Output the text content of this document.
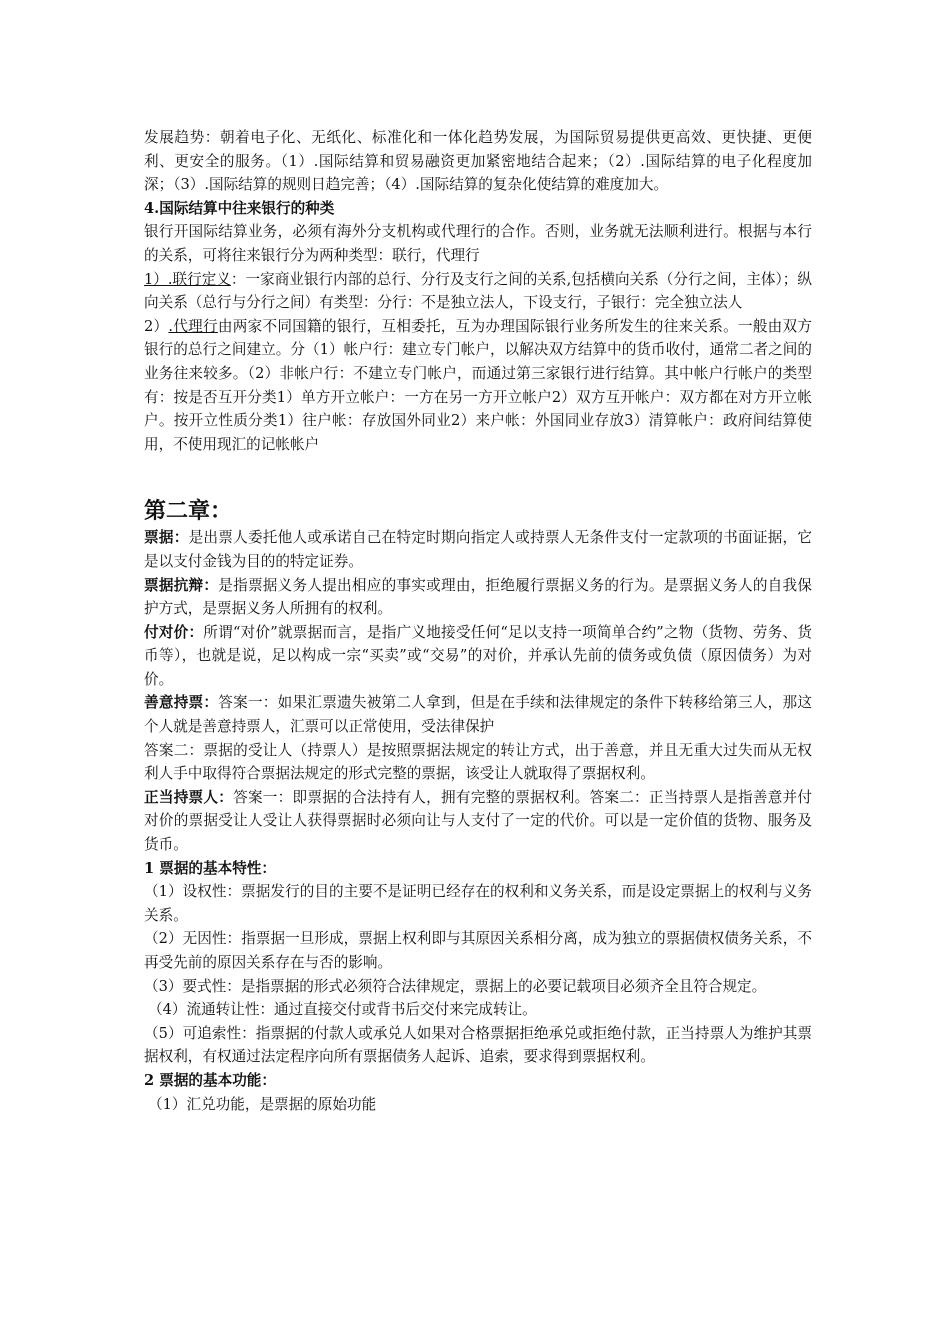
发展趋势：朝着电子化、无纸化、标准化和一体化趋势发展，为国际贸易提供更高效、更快捷、更便利、更安全的服务。（1）.国际结算和贸易融资更加紧密地结合起来；（2）.国际结算的电子化程度加深；（3）.国际结算的规则日趋完善；（4）.国际结算的复杂化使结算的难度加大。

4.国际结算中往来银行的种类

银行开国际结算业务，必须有海外分支机构或代理行的合作。否则，业务就无法顺利进行。根据与本行的关系，可将往来银行分为两种类型：联行，代理行

1）.联行定义：一家商业银行内部的总行、分行及支行之间的关系,包括横向关系（分行之间，主体）；纵向关系（总行与分行之间）有类型：分行：不是独立法人，下设支行，子银行：完全独立法人

2）.代理行由两家不同国籍的银行，互相委托，互为办理国际银行业务所发生的往来关系。一般由双方银行的总行之间建立。分（1）帐户行：建立专门帐户，以解决双方结算中的货币收付，通常二者之间的业务往来较多。（2）非帐户行：不建立专门帐户，而通过第三家银行进行结算。其中帐户行帐户的类型有：按是否互开分类1）单方开立帐户：一方在另一方开立帐户2）双方互开帐户：双方都在对方开立帐户。按开立性质分类1）往户帐：存放国外同业2）来户帐：外国同业存放3）清算帐户：政府间结算使用，不使用现汇的记帐帐户

第二章：

票据：是出票人委托他人或承诺自己在特定时期向指定人或持票人无条件支付一定款项的书面证据，它是以支付金钱为目的的特定证券。

票据抗辩：是指票据义务人提出相应的事实或理由，拒绝履行票据义务的行为。是票据义务人的自我保护方式，是票据义务人所拥有的权利。

付对价：所谓“对价”就票据而言，是指广义地接受任何“足以支持一项简单合约”之物（货物、劳务、货币等），也就是说，足以构成一宗“买卖”或“交易”的对价，并承认先前的债务或负债（原因债务）为对价。

善意持票：答案一：如果汇票遗失被第二人拿到，但是在手续和法律规定的条件下转移给第三人，那这个人就是善意持票人，汇票可以正常使用，受法律保护

答案二：票据的受让人（持票人）是按照票据法规定的转让方式，出于善意，并且无重大过失而从无权利人手中取得符合票据法规定的形式完整的票据，该受让人就取得了票据权利。

正当持票人：答案一：即票据的合法持有人，拥有完整的票据权利。答案二：正当持票人是指善意并付对价的票据受让人受让人获得票据时必须向让与人支付了一定的代价。可以是一定价值的货物、服务及货币。

1 票据的基本特性：

（1）设权性：票据发行的目的主要不是证明已经存在的权利和义务关系，而是设定票据上的权利与义务关系。

（2）无因性：指票据一旦形成，票据上权利即与其原因关系相分离，成为独立的票据债权债务关系，不再受先前的原因关系存在与否的影响。

（3）要式性：是指票据的形式必须符合法律规定，票据上的必要记载项目必须齐全且符合规定。

（4）流通转让性：通过直接交付或背书后交付来完成转让。

（5）可追索性：指票据的付款人或承兑人如果对合格票据拒绝承兑或拒绝付款，正当持票人为维护其票据权利，有权通过法定程序向所有票据债务人起诉、追索，要求得到票据权利。

2 票据的基本功能：

（1）汇兑功能，是票据的原始功能
